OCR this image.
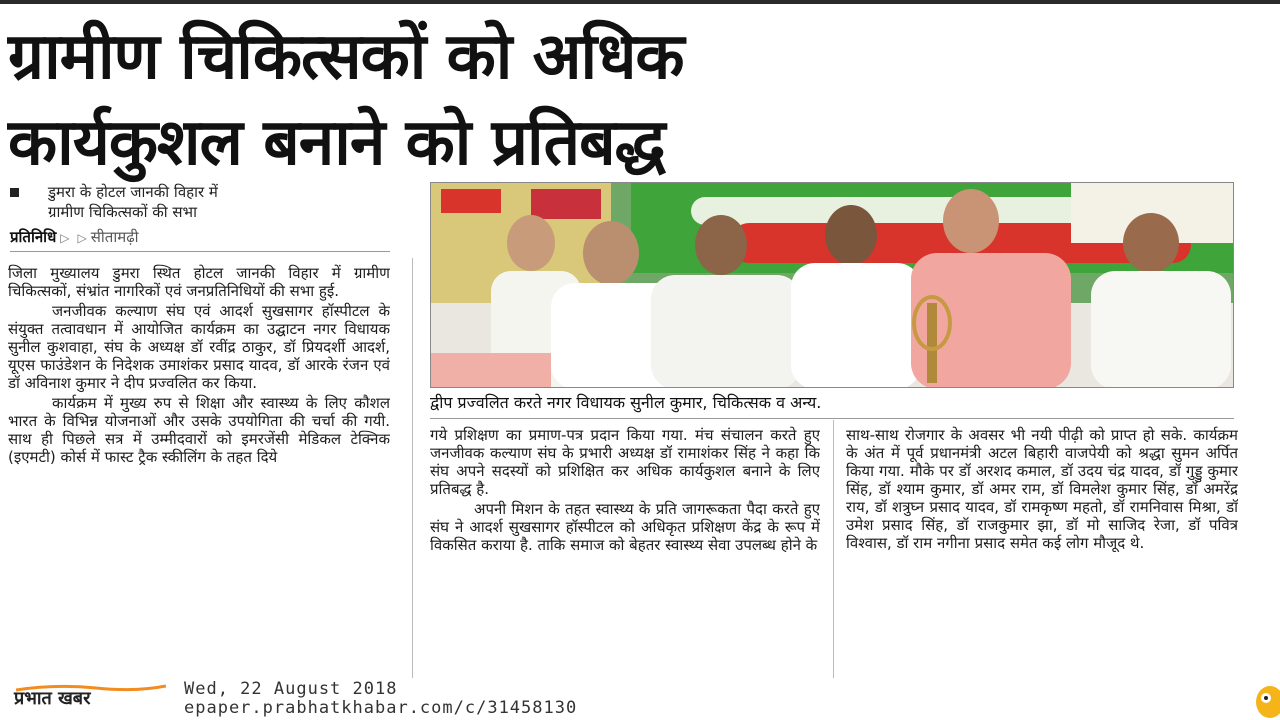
ग्रामीण चिकित्सकों को अधिक
कार्यकुशल बनाने को प्रतिबद्ध
डुमरा के होटल जानकी विहार में
ग्रामीण चिकित्सकों की सभा
प्रतिनिधि ▷ ▷ सीतामढ़ी

जिला मुख्यालय डुमरा स्थित होटल जानकी विहार में ग्रामीण चिकित्सकों, संभ्रांत नागरिकों एवं जनप्रतिनिधियों की सभा हुई.

जनजीवक कल्याण संघ एवं आदर्श सुखसागर हॉस्पीटल के संयुक्त तत्वावधान में आयोजित कार्यक्रम का उद्घाटन नगर विधायक सुनील कुशवाहा, संघ के अध्यक्ष डॉ रवींद्र ठाकुर, डॉ प्रियदर्शी आदर्श, यूएस फाउंडेशन के निदेशक उमाशंकर प्रसाद यादव, डॉ आरके रंजन एवं डॉ अविनाश कुमार ने दीप प्रज्वलित कर किया.

कार्यक्रम में मुख्य रुप से शिक्षा और स्वास्थ्य के लिए कौशल भारत के विभिन्न योजनाओं और उसके उपयोगिता की चर्चा की गयी. साथ ही पिछले सत्र में उम्मीदवारों को इमरजेंसी मेडिकल टेक्निक (इएमटी) कोर्स में फास्ट ट्रैक स्कीलिंग के तहत दिये

द्वीप प्रज्वलित करते नगर विधायक सुनील कुमार, चिकित्सक व अन्य.

गये प्रशिक्षण का प्रमाण-पत्र प्रदान किया गया. मंच संचालन करते हुए जनजीवक कल्याण संघ के प्रभारी अध्यक्ष डॉ रामाशंकर सिंह ने कहा कि संघ अपने सदस्यों को प्रशिक्षित कर अधिक कार्यकुशल बनाने के लिए प्रतिबद्ध है.

अपनी मिशन के तहत स्वास्थ्य के प्रति जागरूकता पैदा करते हुए संघ ने आदर्श सुखसागर हॉस्पीटल को अधिकृत प्रशिक्षण केंद्र के रूप में विकसित कराया है. ताकि समाज को बेहतर स्वास्थ्य सेवा उपलब्ध होने के

साथ-साथ रोजगार के अवसर भी नयी पीढ़ी को प्राप्त हो सके. कार्यक्रम के अंत में पूर्व प्रधानमंत्री अटल बिहारी वाजपेयी को श्रद्धा सुमन अर्पित किया गया. मौके पर डॉ अरशद कमाल, डॉ उदय चंद्र यादव, डॉ गुड्डु कुमार सिंह, डॉ श्याम कुमार, डॉ अमर राम, डॉ विमलेश कुमार सिंह, डॉ अमरेंद्र राय, डॉ शत्रुघ्न प्रसाद यादव, डॉ रामकृष्ण महतो, डॉ रामनिवास मिश्रा, डॉ उमेश प्रसाद सिंह, डॉ राजकुमार झा, डॉ मो साजिद रेजा, डॉ पवित्र विश्वास, डॉ राम नगीना प्रसाद समेत कई लोग मौजूद थे.

प्रभात खबर	Wed, 22 August 2018
epaper.prabhatkhabar.com/c/31458130
